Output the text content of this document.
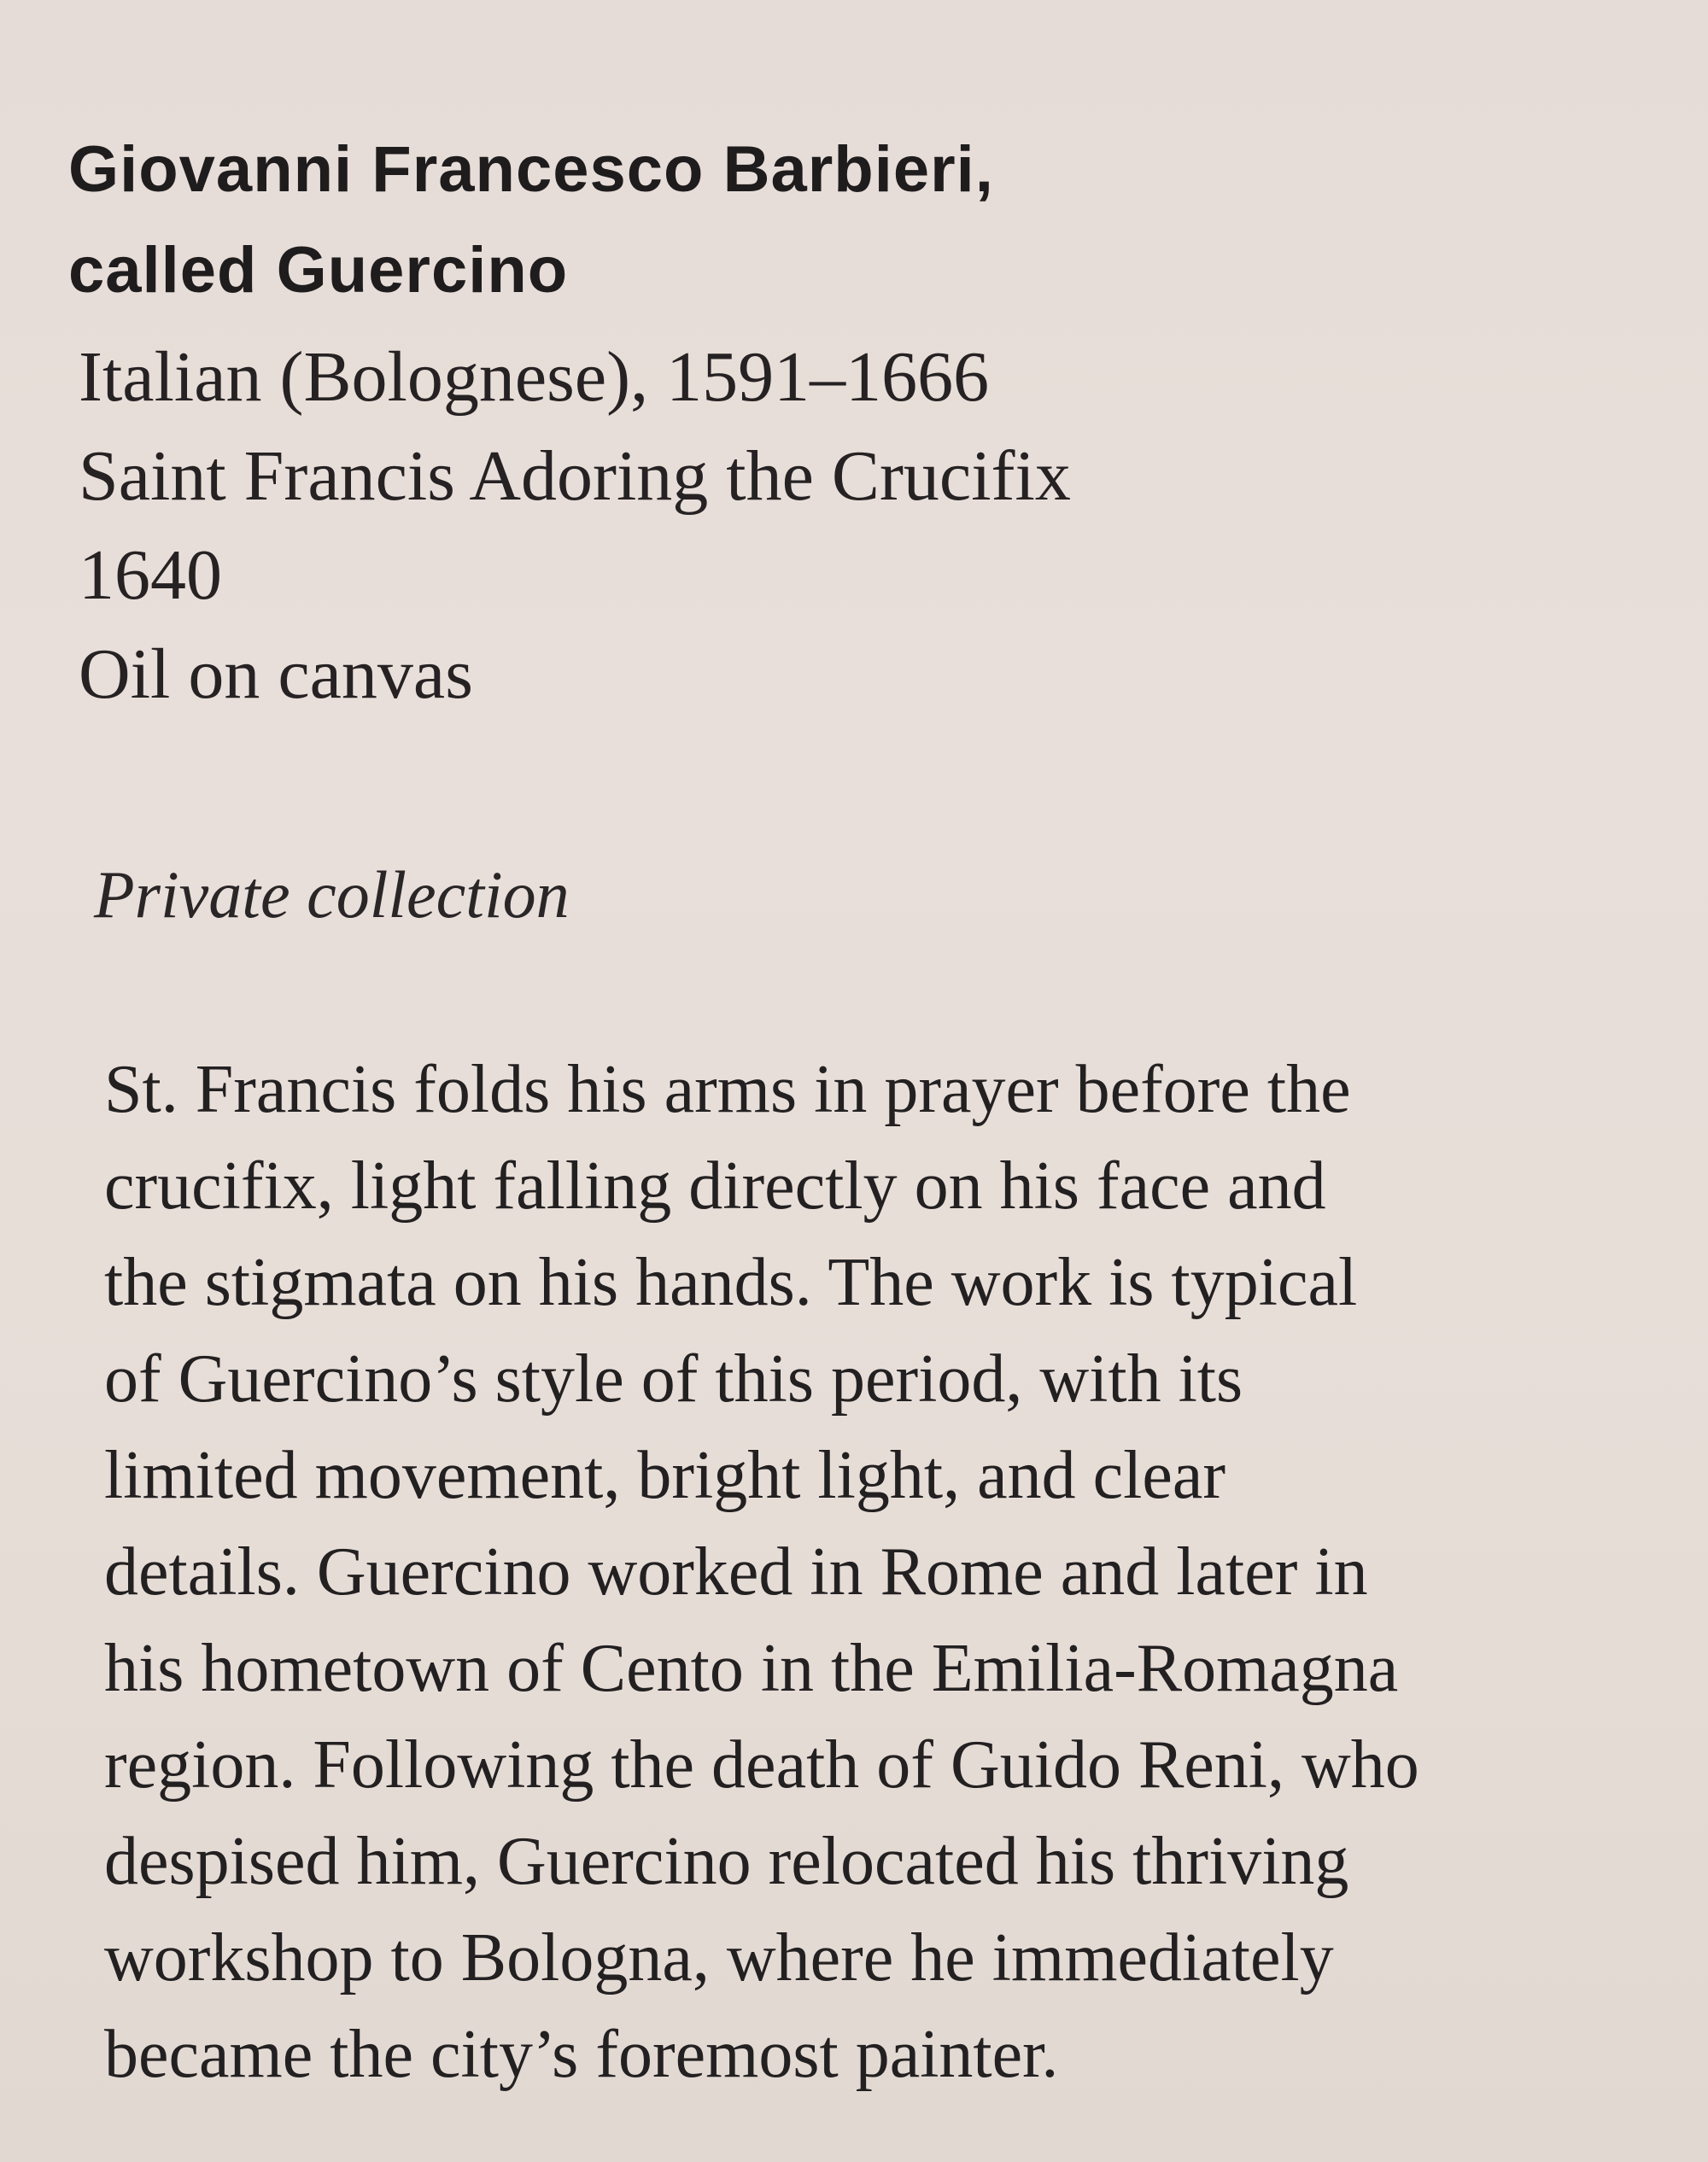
Giovanni Francesco Barbieri,
called Guercino
Italian (Bolognese), 1591–1666
Saint Francis Adoring the Crucifix
1640
Oil on canvas
Private collection
St. Francis folds his arms in prayer before the
crucifix, light falling directly on his face and
the stigmata on his hands. The work is typical
of Guercino’s style of this period, with its
limited movement, bright light, and clear
details. Guercino worked in Rome and later in
his hometown of Cento in the Emilia-Romagna
region. Following the death of Guido Reni, who
despised him, Guercino relocated his thriving
workshop to Bologna, where he immediately
became the city’s foremost painter.
